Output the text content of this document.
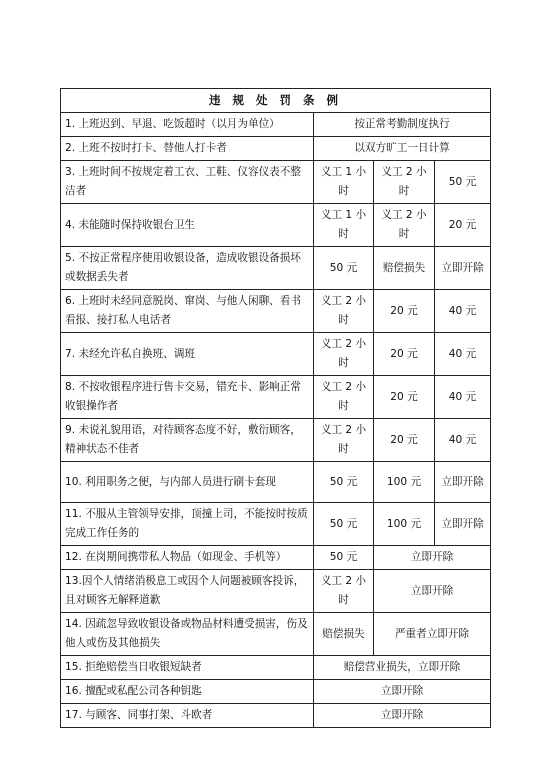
违 规 处 罚 条 例			
1. 上班迟到、早退、吃饭超时（以月为单位）	按正常考勤制度执行		
2. 上班不按时打卡、替他人打卡者	以双方旷工一日计算		
3. 上班时间不按规定着工衣、工鞋、仪容仪表不整洁者	义工 1 小时	义工 2 小时	50 元
4. 未能随时保持收银台卫生	义工 1 小时	义工 2 小时	20 元
5. 不按正常程序使用收银设备，造成收银设备损坏或数据丢失者	50 元	赔偿损失	立即开除
6. 上班时未经同意脱岗、窜岗、与他人闲聊、看书看报、接打私人电话者	义工 2 小时	20 元	40 元
7. 未经允许私自换班、调班	义工 2 小时	20 元	40 元
8. 不按收银程序进行售卡交易，错充卡、影响正常收银操作者	义工 2 小时	20 元	40 元
9. 未说礼貌用语，对待顾客态度不好，敷衍顾客，精神状态不佳者	义工 2 小时	20 元	40 元
10. 利用职务之便，与内部人员进行刷卡套现	50 元	100 元	立即开除
11. 不服从主管领导安排，顶撞上司，不能按时按质完成工作任务的	50 元	100 元	立即开除
12. 在岗期间携带私人物品（如现金、手机等）	50 元	立即开除	
13.因个人情绪消极息工或因个人问题被顾客投诉，且对顾客无解释道歉	义工 2 小时	立即开除	
14. 因疏忽导致收银设备或物品材料遭受损害，伤及他人或伤及其他损失	赔偿损失	严重者立即开除	
15. 拒绝赔偿当日收银短缺者	赔偿营业损失，立即开除		
16. 擅配或私配公司各种钥匙	立即开除		
17. 与顾客、同事打架、斗欧者	立即开除		
